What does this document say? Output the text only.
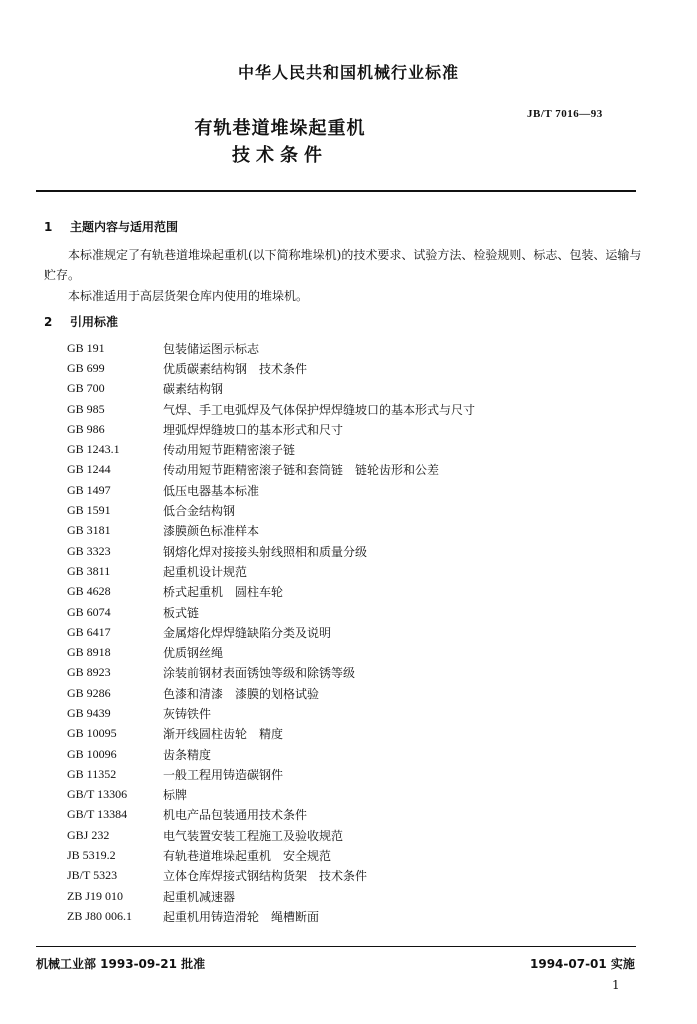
中华人民共和国机械行业标准
JB/T 7016—93
有轨巷道堆垛起重机
技术条件
1 主题内容与适用范围
本标准规定了有轨巷道堆垛起重机(以下简称堆垛机)的技术要求、试验方法、检验规则、标志、包装、运输与贮存。
本标准适用于高层货架仓库内使用的堆垛机。
2 引用标准
GB 191	包装储运图示标志
GB 699	优质碳素结构钢　技术条件
GB 700	碳素结构钢
GB 985	气焊、手工电弧焊及气体保护焊焊缝坡口的基本形式与尺寸
GB 986	埋弧焊焊缝坡口的基本形式和尺寸
GB 1243.1	传动用短节距精密滚子链
GB 1244	传动用短节距精密滚子链和套筒链　链轮齿形和公差
GB 1497	低压电器基本标准
GB 1591	低合金结构钢
GB 3181	漆膜颜色标准样本
GB 3323	钢熔化焊对接接头射线照相和质量分级
GB 3811	起重机设计规范
GB 4628	桥式起重机　圆柱车轮
GB 6074	板式链
GB 6417	金属熔化焊焊缝缺陷分类及说明
GB 8918	优质钢丝绳
GB 8923	涂装前钢材表面锈蚀等级和除锈等级
GB 9286	色漆和清漆　漆膜的划格试验
GB 9439	灰铸铁件
GB 10095	渐开线圆柱齿轮　精度
GB 10096	齿条精度
GB 11352	一般工程用铸造碳钢件
GB/T 13306	标牌
GB/T 13384	机电产品包装通用技术条件
GBJ 232	电气装置安装工程施工及验收规范
JB 5319.2	有轨巷道堆垛起重机　安全规范
JB/T 5323	立体仓库焊接式钢结构货架　技术条件
ZB J19 010	起重机减速器
ZB J80 006.1	起重机用铸造滑轮　绳槽断面
机械工业部 1993-09-21 批准	1994-07-01 实施
1
